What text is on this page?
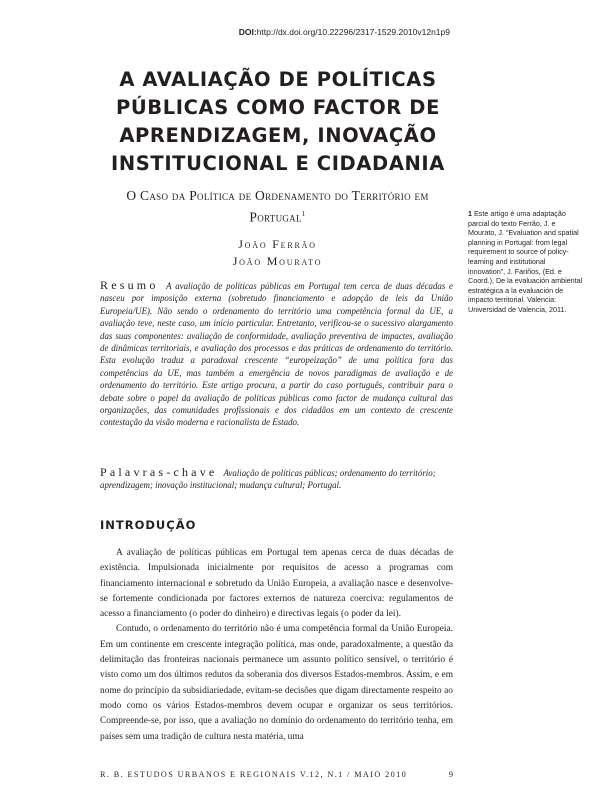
DOI:http://dx.doi.org/10.22296/2317-1529.2010v12n1p9
A AVALIAÇÃO DE POLÍTICAS PÚBLICAS COMO FACTOR DE APRENDIZAGEM, INOVAÇÃO INSTITUCIONAL E CIDADANIA
O Caso da Política de Ordenamento do Território em Portugal$^1$
João Ferrão
João Mourato
1 Este artigo é uma adaptação parcial do texto Ferrão, J. e Mourato, J. “Evaluation and spatial planning in Portugal: from legal requirement to source of policy-learning and institutional innovation”, J. Fariños, (Ed. e Coord.), De la evaluación ambiental estratégica a la evaluación de impacto territorial. Valencia: Universidad de Valencia, 2011.
Resumo A avaliação de políticas públicas em Portugal tem cerca de duas décadas e nasceu por imposição externa (sobretudo financiamento e adopção de leis da União Europeia/UE). Não sendo o ordenamento do território uma competência formal da UE, a avaliação teve, neste caso, um início particular. Entretanto, verificou-se o sucessivo alargamento das suas componentes: avaliação de conformidade, avaliação preventiva de impactes, avaliação de dinâmicas territoriais, e avaliação dos processos e das práticas de ordenamento do território. Esta evolução traduz a paradoxal crescente “europeização” de uma política fora das competências da UE, mas também a emergência de novos paradigmas de avaliação e de ordenamento do território. Este artigo procura, a partir do caso português, contribuir para o debate sobre o papel da avaliação de políticas públicas como factor de mudança cultural das organizações, das comunidades profissionais e dos cidadãos em um contexto de crescente contestação da visão moderna e racionalista de Estado.
Palavras-chave Avaliação de políticas públicas; ordenamento do território; aprendizagem; inovação institucional; mudança cultural; Portugal.
INTRODUÇÃO

A avaliação de políticas públicas em Portugal tem apenas cerca de duas décadas de existência. Impulsionada inicialmente por requisitos de acesso a programas com financiamento internacional e sobretudo da União Europeia, a avaliação nasce e desenvolve-se fortemente condicionada por factores externos de natureza coerciva: regulamentos de acesso a financiamento (o poder do dinheiro) e directivas legais (o poder da lei).

Contudo, o ordenamento do território não é uma competência formal da União Europeia. Em um continente em crescente integração política, mas onde, paradoxalmente, a questão da delimitação das fronteiras nacionais permanece um assunto político sensível, o território é visto como um dos últimos redutos da soberania dos diversos Estados-membros. Assim, e em nome do princípio da subsidiariedade, evitam-se decisões que digam directamente respeito ao modo como os vários Estados-membros devem ocupar e organizar os seus territórios. Compreende-se, por isso, que a avaliação no domínio do ordenamento do território tenha, em países sem uma tradição de cultura nesta matéria, uma

R. B. ESTUDOS URBANOS E REGIONAIS V.12, N.1 / MAIO 2010	9
